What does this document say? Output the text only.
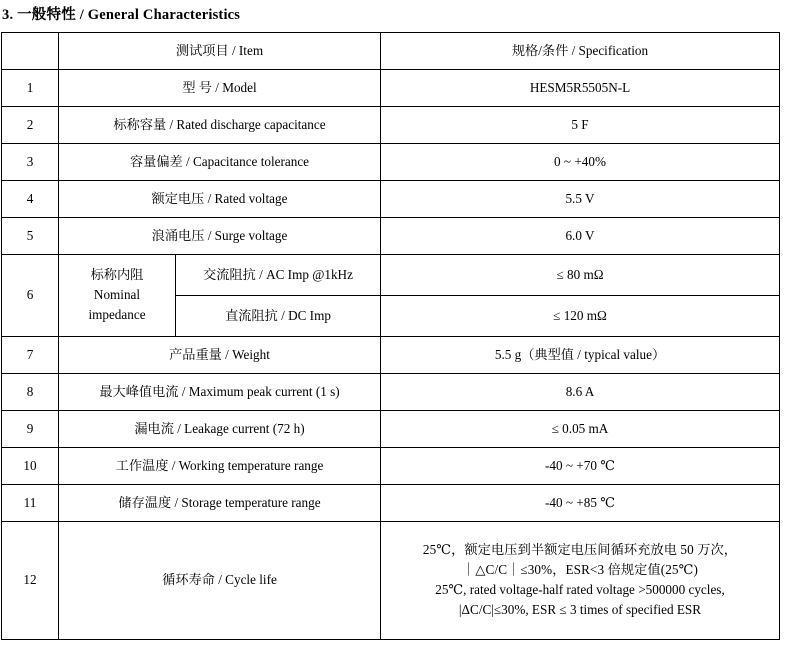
3. 一般特性 / General Characteristics
	测试项目 / Item		规格/条件 / Specification
1	型 号 / Model		HESM5R5505N-L
2	标称容量 / Rated discharge capacitance		5 F
3	容量偏差 / Capacitance tolerance		0 ~ +40%
4	额定电压 / Rated voltage		5.5 V
5	浪涌电压 / Surge voltage		6.0 V
6	标称内阻
Nominal
impedance	交流阻抗 / AC Imp @1kHz	≤ 80 mΩ
		直流阻抗 / DC Imp	≤ 120 mΩ
7	产品重量 / Weight		5.5 g（典型值 / typical value）
8	最大峰值电流 / Maximum peak current (1 s)		8.6 A
9	漏电流 / Leakage current (72 h)		≤ 0.05 mA
10	工作温度 / Working temperature range		-40 ~ +70 ℃
11	储存温度 / Storage temperature range		-40 ~ +85 ℃
12	循环寿命 / Cycle life		25℃，额定电压到半额定电压间循环充放电 50 万次，
｜△C/C｜≤30%，ESR<3 倍规定值(25℃)
25℃, rated voltage-half rated voltage >500000 cycles,
|ΔC/C|≤30%, ESR ≤ 3 times of specified ESR
